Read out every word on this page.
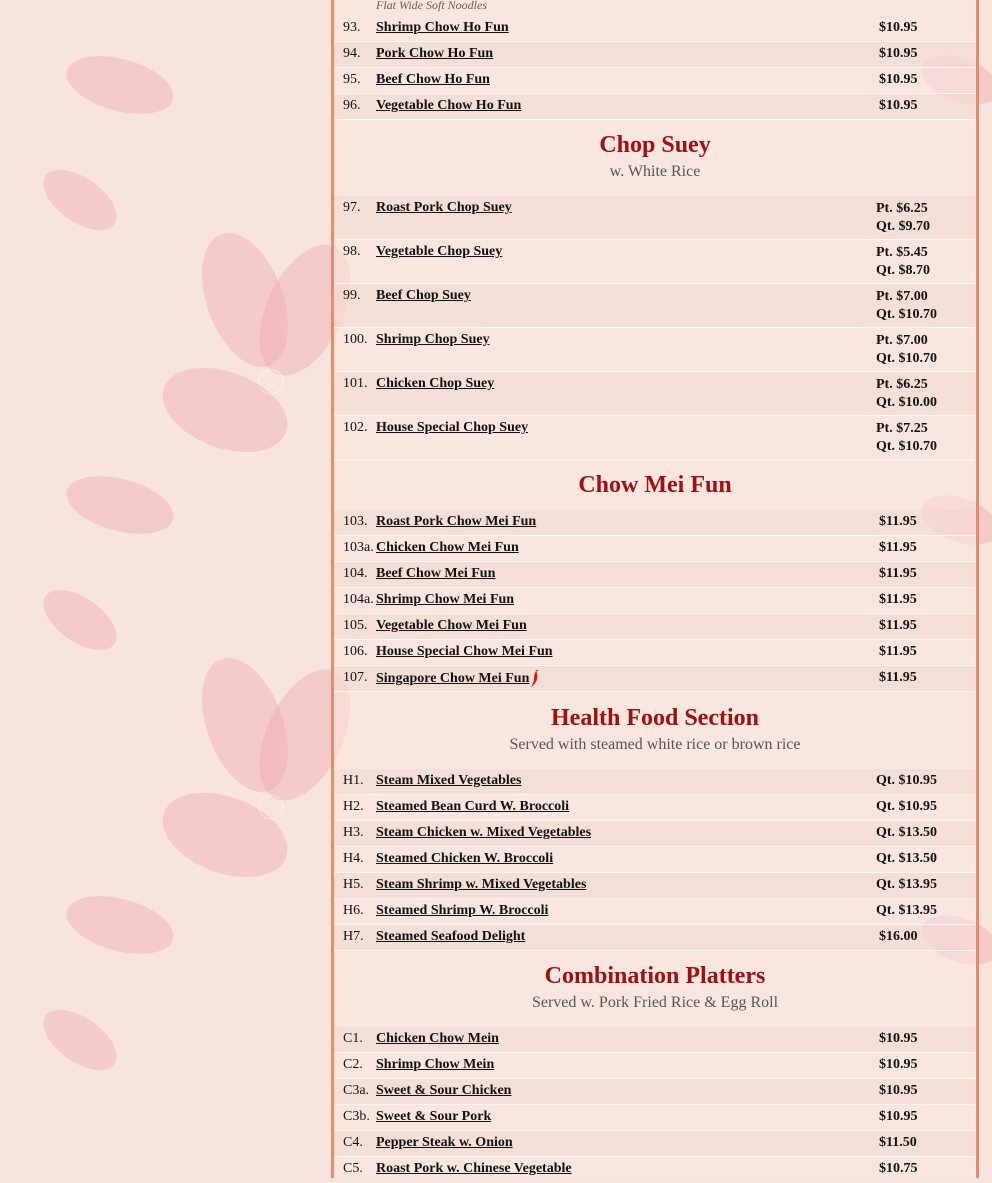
Flat Wide Soft Noodles
93. Shrimp Chow Ho Fun	$10.95
94. Pork Chow Ho Fun	$10.95
95. Beef Chow Ho Fun	$10.95
96. Vegetable Chow Ho Fun	$10.95
Chop Suey
w. White Rice
97. Roast Pork Chop Suey	Pt. $6.25
Qt. $9.70
98. Vegetable Chop Suey	Pt. $5.45
Qt. $8.70
99. Beef Chop Suey	Pt. $7.00
Qt. $10.70
100. Shrimp Chop Suey	Pt. $7.00
Qt. $10.70
101. Chicken Chop Suey	Pt. $6.25
Qt. $10.00
102. House Special Chop Suey	Pt. $7.25
Qt. $10.70
Chow Mei Fun
103. Roast Pork Chow Mei Fun	$11.95
103a. Chicken Chow Mei Fun	$11.95
104. Beef Chow Mei Fun	$11.95
104a. Shrimp Chow Mei Fun	$11.95
105. Vegetable Chow Mei Fun	$11.95
106. House Special Chow Mei Fun	$11.95
107. Singapore Chow Mei Fun	$11.95
Health Food Section
Served with steamed white rice or brown rice
H1. Steam Mixed Vegetables	Qt. $10.95
H2. Steamed Bean Curd W. Broccoli	Qt. $10.95
H3. Steam Chicken w. Mixed Vegetables	Qt. $13.50
H4. Steamed Chicken W. Broccoli	Qt. $13.50
H5. Steam Shrimp w. Mixed Vegetables	Qt. $13.95
H6. Steamed Shrimp W. Broccoli	Qt. $13.95
H7. Steamed Seafood Delight	$16.00
Combination Platters
Served w. Pork Fried Rice & Egg Roll
C1. Chicken Chow Mein	$10.95
C2. Shrimp Chow Mein	$10.95
C3a. Sweet & Sour Chicken	$10.95
C3b. Sweet & Sour Pork	$10.95
C4. Pepper Steak w. Onion	$11.50
C5. Roast Pork w. Chinese Vegetable	$10.75
